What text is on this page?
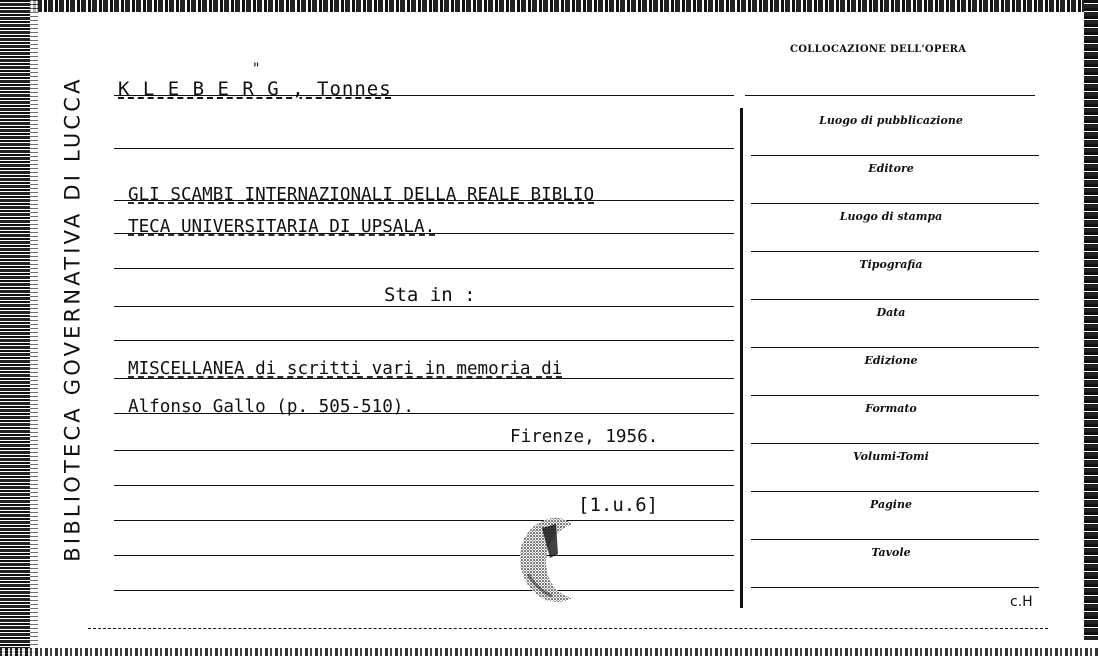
BIBLIOTECA GOVERNATIVA DI LUCCA
COLLOCAZIONE DELL'OPERA
"
K L E B E R G , Tonnes
GLI SCAMBI INTERNAZIONALI DELLA REALE BIBLIO
TECA UNIVERSITARIA DI UPSALA.
Sta in :
MISCELLANEA di scritti vari in memoria di
Alfonso Gallo (p. 505-510).
Firenze, 1956.
[1.u.6]
Luogo di pubblicazione
Editore
Luogo di stampa
Tipografia
Data
Edizione
Formato
Volumi-Tomi
Pagine
Tavole
c.H
